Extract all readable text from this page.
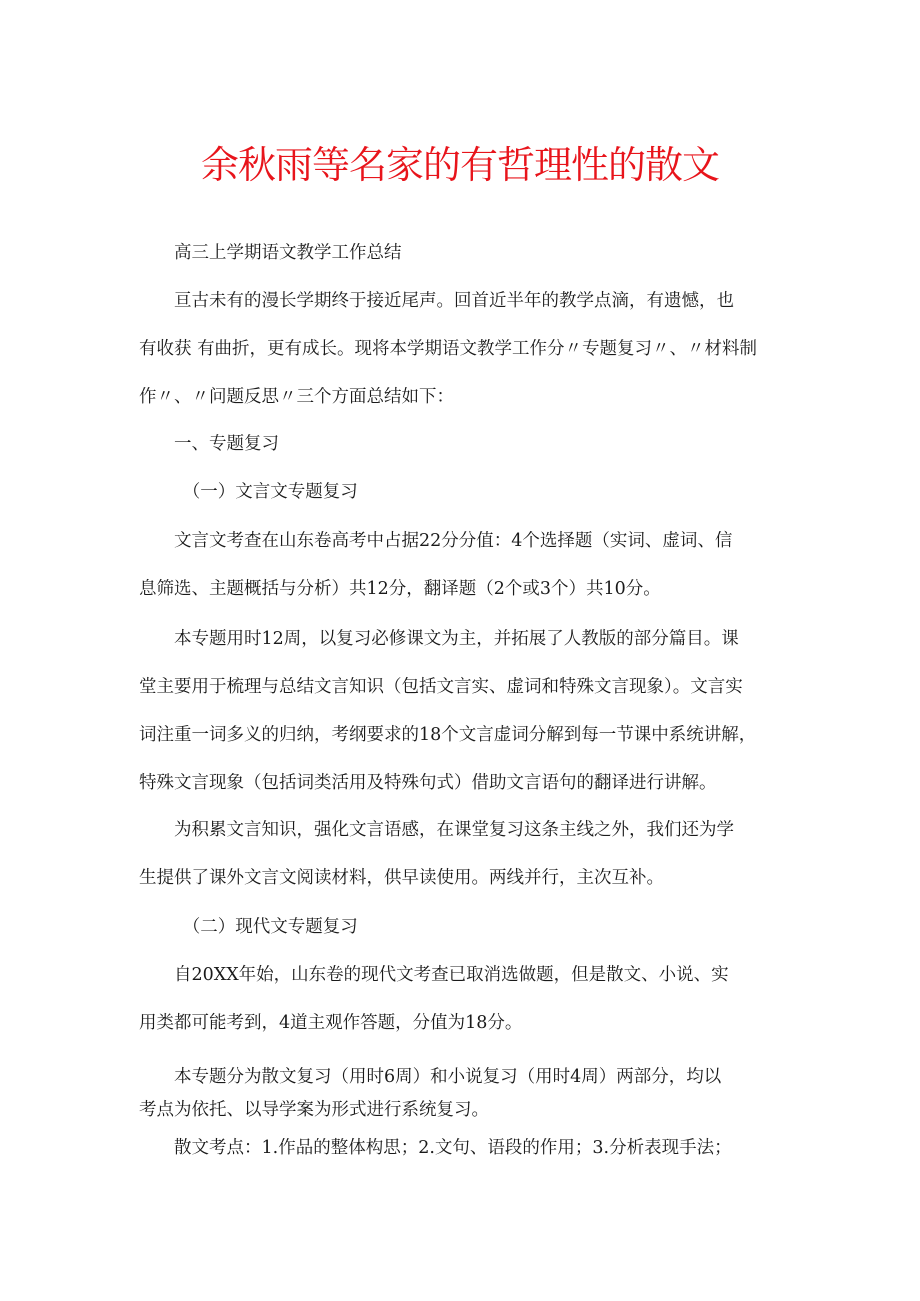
余秋雨等名家的有哲理性的散文
　　高三上学期语文教学工作总结
　　亘古未有的漫长学期终于接近尾声。回首近半年的教学点滴，有遗憾，也
有收获 有曲折，更有成长。现将本学期语文教学工作分〃专题复习〃、〃材料制
作〃、〃问题反思〃三个方面总结如下：
　　一、专题复习
　　　（一）文言文专题复习
　　文言文考查在山东卷高考中占据22分分值：4个选择题（实词、虚词、信
息筛选、主题概括与分析）共12分，翻译题（2个或3个）共10分。
　　本专题用时12周，以复习必修课文为主，并拓展了人教版的部分篇目。课
堂主要用于梳理与总结文言知识（包括文言实、虚词和特殊文言现象）。文言实
词注重一词多义的归纳，考纲要求的18个文言虚词分解到每一节课中系统讲解，
特殊文言现象（包括词类活用及特殊句式）借助文言语句的翻译进行讲解。
　　为积累文言知识，强化文言语感，在课堂复习这条主线之外，我们还为学
生提供了课外文言文阅读材料，供早读使用。两线并行，主次互补。
　　　（二）现代文专题复习
　　自20XX年始，山东卷的现代文考查已取消选做题，但是散文、小说、实
用类都可能考到，4道主观作答题，分值为18分。
　　本专题分为散文复习（用时6周）和小说复习（用时4周）两部分，均以
考点为依托、以导学案为形式进行系统复习。
　　散文考点：1.作品的整体构思；2.文句、语段的作用；3.分析表现手法；
